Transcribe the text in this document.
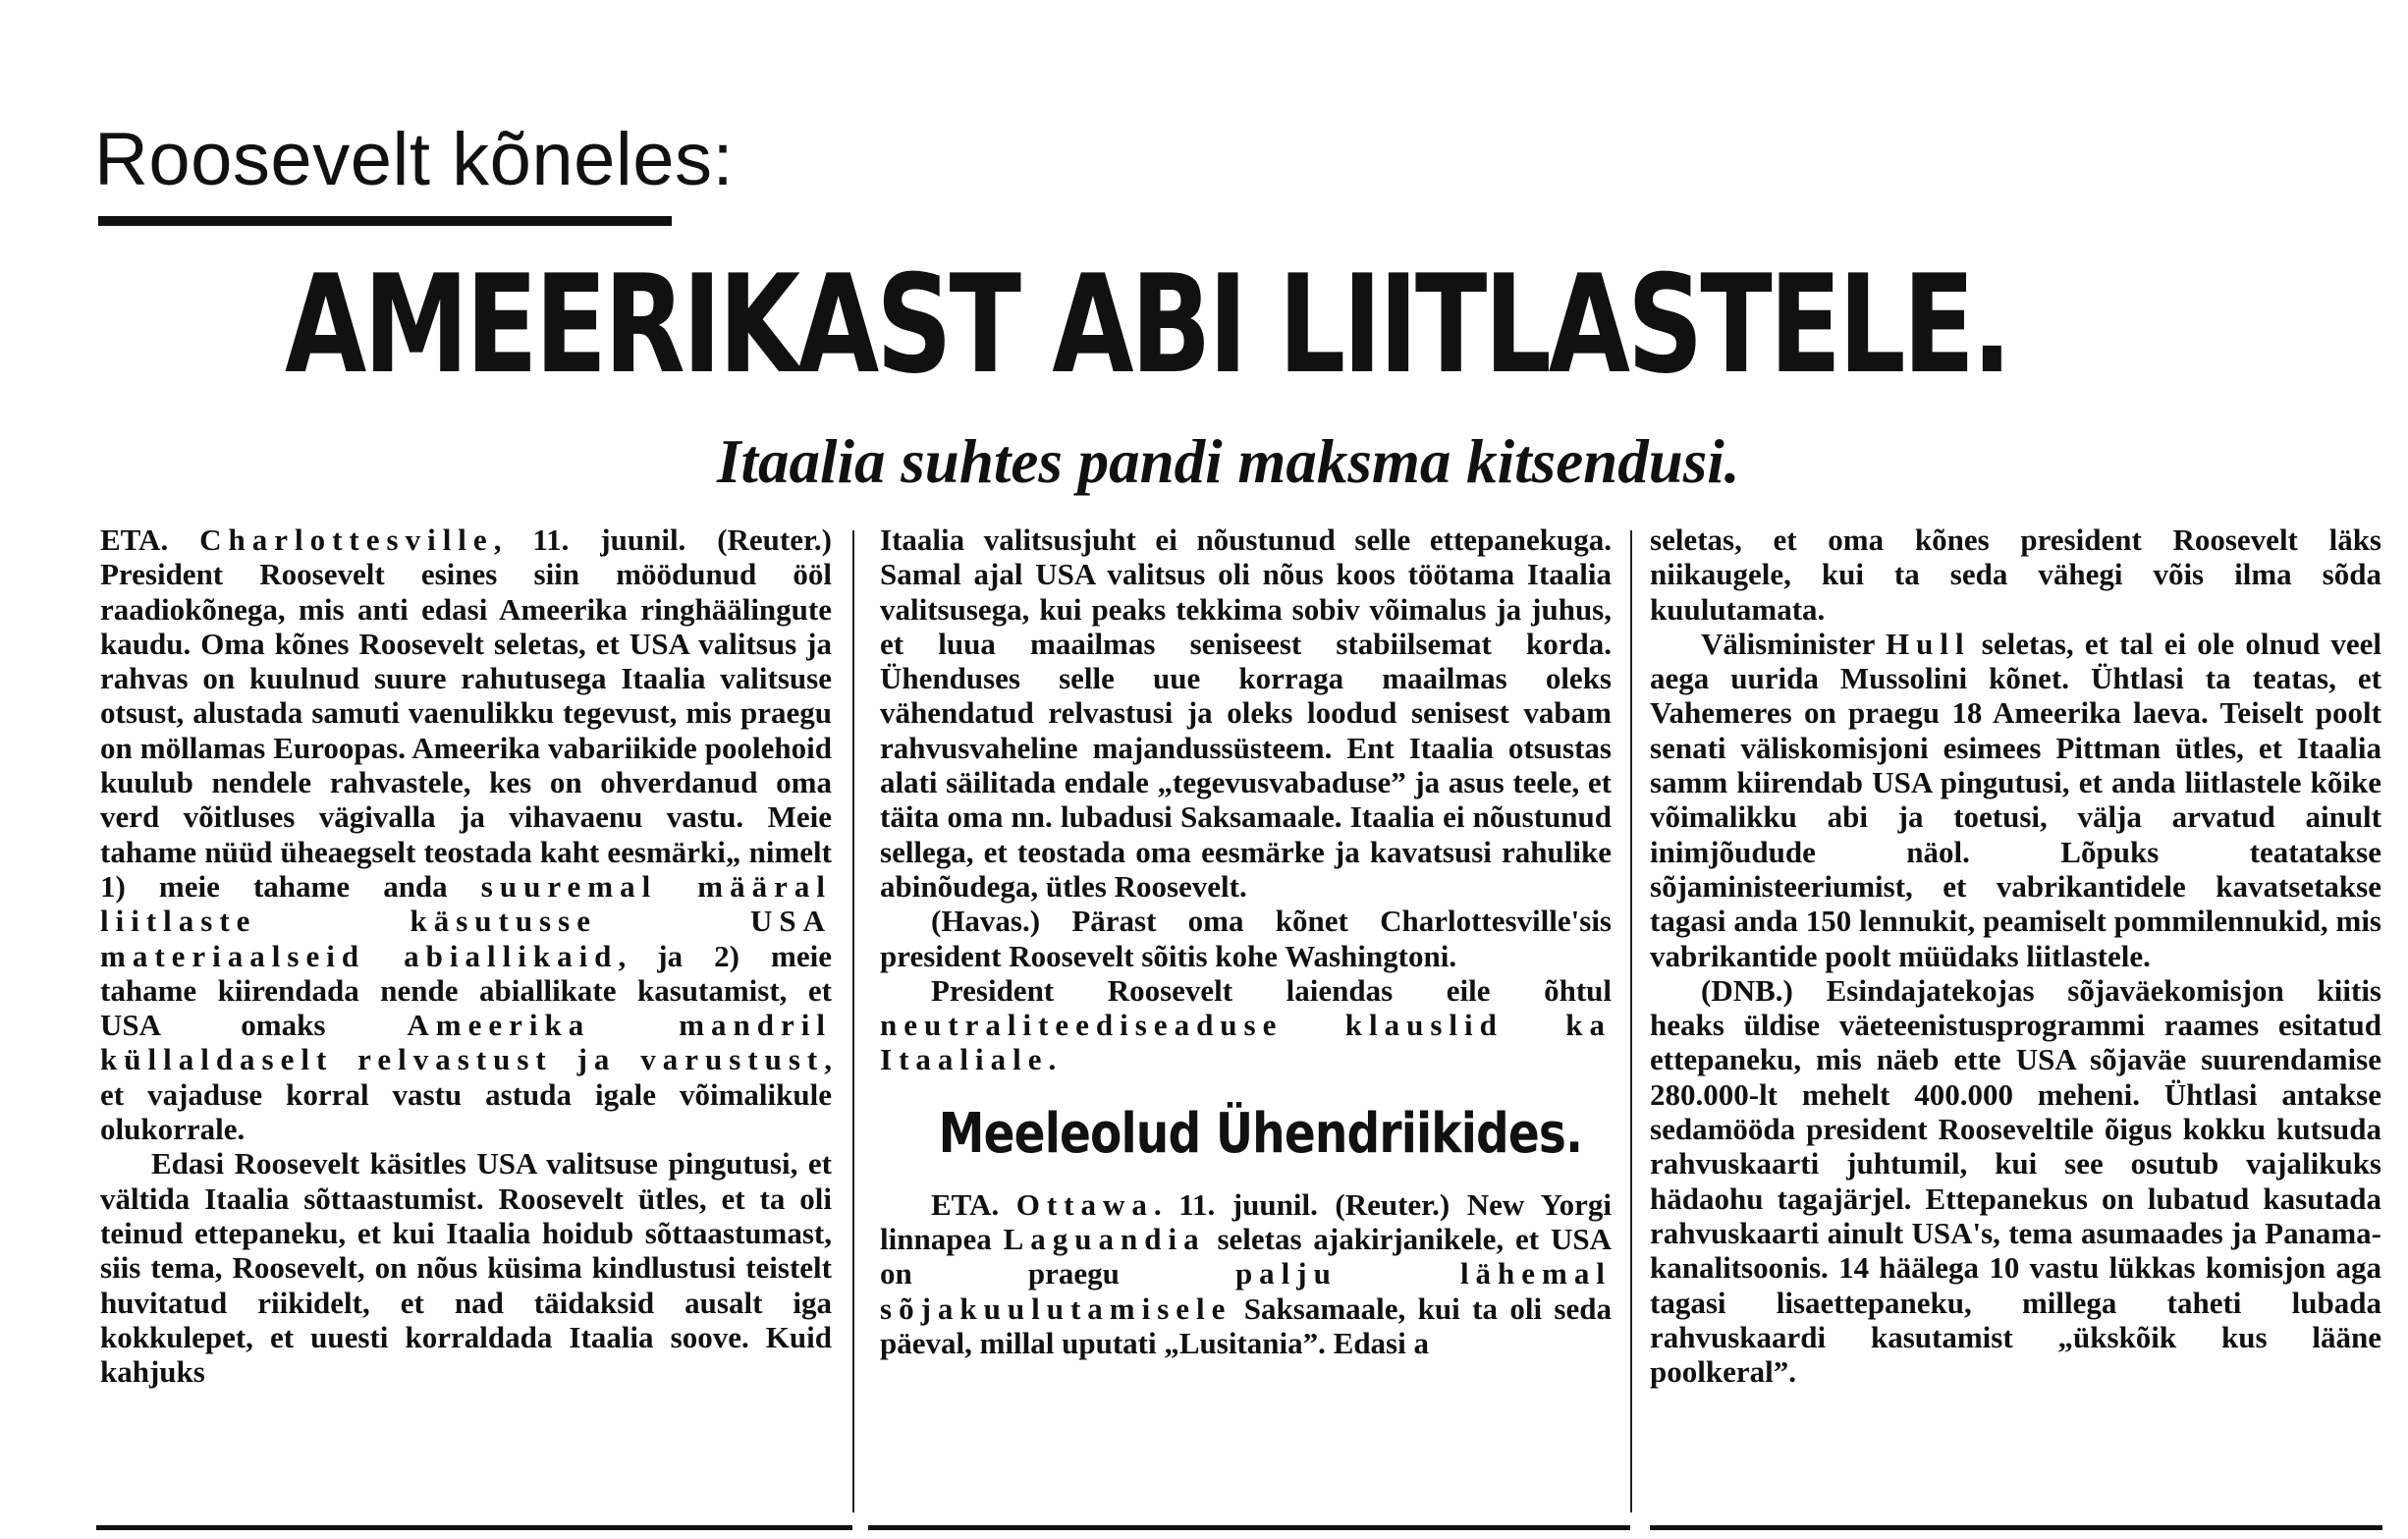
Roosevelt kõneles:
AMEERIKAST ABI LIITLASTELE.
Itaalia suhtes pandi maksma kitsendusi.

ETA. Charlottesville, 11. juunil. (Reuter.) President Roosevelt esines siin möödunud ööl raadiokõnega, mis anti edasi Ameerika ringhäälingute kaudu. Oma kõnes Roosevelt seletas, et USA valitsus ja rahvas on kuulnud suure rahutusega Itaalia valitsuse otsust, alustada samuti vaenulikku tegevust, mis praegu on möllamas Euroopas. Ameerika vabariikide poolehoid kuulub nendele rahvastele, kes on ohverdanud oma verd võitluses vägivalla ja vihavaenu vastu. Meie tahame nüüd üheaegselt teostada kaht eesmärki„ nimelt 1) meie tahame anda suuremal määral liitlaste käsutusse USA materiaalseid abiallikaid, ja 2) meie tahame kiirendada nende abiallikate kasutamist, et USA omaks Ameerika mandril küllaldaselt relvastust ja varustust, et vajaduse korral vastu astuda igale võimalikule olukorrale.

Edasi Roosevelt käsitles USA valitsuse pingutusi, et vältida Itaalia sõttaastumist. Roosevelt ütles, et ta oli teinud ettepaneku, et kui Itaalia hoidub sõttaastumast, siis tema, Roosevelt, on nõus küsima kindlustusi teistelt huvitatud riikidelt, et nad täidaksid ausalt iga kokkulepet, et uuesti korraldada Itaalia soove. Kuid kahjuks

Itaalia valitsusjuht ei nõustunud selle ettepanekuga. Samal ajal USA valitsus oli nõus koos töötama Itaalia valitsusega, kui peaks tekkima sobiv võimalus ja juhus, et luua maailmas seniseest stabiilsemat korda. Ühenduses selle uue korraga maailmas oleks vähendatud relvastusi ja oleks loodud senisest vabam rahvusvaheline majandussüsteem. Ent Itaalia otsustas alati säilitada endale „tegevusvabaduse” ja asus teele, et täita oma nn. lubadusi Saksamaale. Itaalia ei nõustunud sellega, et teostada oma eesmärke ja kavatsusi rahulike abinõudega, ütles Roosevelt.

(Havas.) Pärast oma kõnet Charlottesville'sis president Roosevelt sõitis kohe Washingtoni.

President Roosevelt laiendas eile õhtul neutraliteediseaduse klauslid ka Itaaliale.

Meeleolud Ühendriikides.

ETA. Ottawa. 11. juunil. (Reuter.) New Yorgi linnapea Laguandia seletas ajakirjanikele, et USA on praegu palju lähemal sõjakuulutamisele Saksamaale, kui ta oli seda päeval, millal uputati „Lusitania”. Edasi a

seletas, et oma kõnes president Roosevelt läks niikaugele, kui ta seda vähegi võis ilma sõda kuulutamata.

Välisminister Hull seletas, et tal ei ole olnud veel aega uurida Mussolini kõnet. Ühtlasi ta teatas, et Vahemeres on praegu 18 Ameerika laeva. Teiselt poolt senati väliskomisjoni esimees Pittman ütles, et Itaalia samm kiirendab USA pingutusi, et anda liitlastele kõike võimalikku abi ja toetusi, välja arvatud ainult inimjõudude näol. Lõpuks teatatakse sõjaministeeriumist, et vabrikantidele kavatsetakse tagasi anda 150 lennukit, peamiselt pommilennukid, mis vabrikantide poolt müüdaks liitlastele.

(DNB.) Esindajatekojas sõjaväekomisjon kiitis heaks üldise väeteenistusprogrammi raames esitatud ettepaneku, mis näeb ette USA sõjaväe suurendamise 280.000-lt mehelt 400.000 meheni. Ühtlasi antakse sedamööda president Rooseveltile õigus kokku kutsuda rahvuskaarti juhtumil, kui see osutub vajalikuks hädaohu tagajärjel. Ettepanekus on lubatud kasutada rahvuskaarti ainult USA's, tema asumaades ja Panama-kanalitsoonis. 14 häälega 10 vastu lükkas komisjon aga tagasi lisaettepaneku, millega taheti lubada rahvuskaardi kasutamist „ükskõik kus lääne poolkeral”.
